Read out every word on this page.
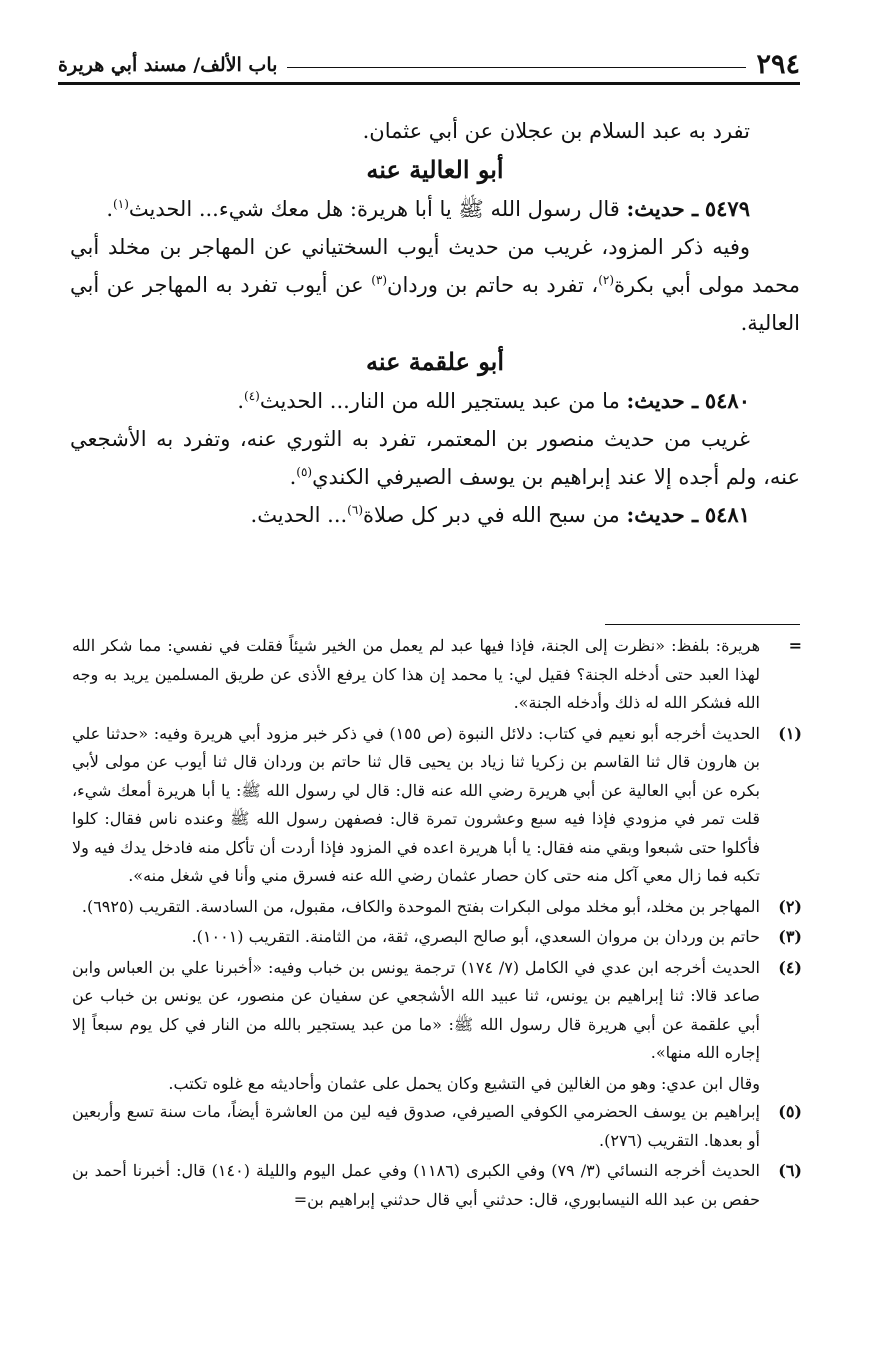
٢٩٤
باب الألف/ مسند أبي هريرة

تفرد به عبد السلام بن عجلان عن أبي عثمان.

أبو العالية عنه

٥٤٧٩ ـ حديث: قال رسول الله ﷺ يا أبا هريرة: هل معك شيء... الحديث$^{(١)}$.

وفيه ذكر المزود، غريب من حديث أيوب السختياني عن المهاجر بن مخلد أبي محمد مولى أبي بكرة$^{(٢)}$، تفرد به حاتم بن وردان$^{(٣)}$ عن أيوب تفرد به المهاجر عن أبي العالية.

أبو علقمة عنه

٥٤٨٠ ـ حديث: ما من عبد يستجير الله من النار... الحديث$^{(٤)}$.

غريب من حديث منصور بن المعتمر، تفرد به الثوري عنه، وتفرد به الأشجعي عنه، ولم أجده إلا عند إبراهيم بن يوسف الصيرفي الكندي$^{(٥)}$.

٥٤٨١ ـ حديث: من سبح الله في دبر كل صلاة$^{(٦)}$... الحديث.

=
هريرة: بلفظ: «نظرت إلى الجنة، فإذا فيها عبد لم يعمل من الخير شيئاً فقلت في نفسي: مما شكر الله لهذا العبد حتى أدخله الجنة؟ فقيل لي: يا محمد إن هذا كان يرفع الأذى عن طريق المسلمين يريد به وجه الله فشكر الله له ذلك وأدخله الجنة».
(١)
الحديث أخرجه أبو نعيم في كتاب: دلائل النبوة (ص ١٥٥) في ذكر خبر مزود أبي هريرة وفيه: «حدثنا علي بن هارون قال ثنا القاسم بن زكريا ثنا زياد بن يحيى قال ثنا حاتم بن وردان قال ثنا أيوب عن مولى لأبي بكره عن أبي العالية عن أبي هريرة رضي الله عنه قال: قال لي رسول الله ﷺ: يا أبا هريرة أمعك شيء، قلت تمر في مزودي فإذا فيه سبع وعشرون تمرة قال: فصفهن رسول الله ﷺ وعنده ناس فقال: كلوا فأكلوا حتى شبعوا وبقي منه فقال: يا أبا هريرة اعده في المزود فإذا أردت أن تأكل منه فادخل يدك فيه ولا تكبه فما زال معي آكل منه حتى كان حصار عثمان رضي الله عنه فسرق مني وأنا في شغل منه».
(٢)
المهاجر بن مخلد، أبو مخلد مولى البكرات بفتح الموحدة والكاف، مقبول، من السادسة. التقريب (٦٩٢٥).
(٣)
حاتم بن وردان بن مروان السعدي، أبو صالح البصري، ثقة، من الثامنة. التقريب (١٠٠١).
(٤)
الحديث أخرجه ابن عدي في الكامل (٧/ ١٧٤) ترجمة يونس بن خباب وفيه: «أخبرنا علي بن العباس وابن صاعد قالا: ثنا إبراهيم بن يونس، ثنا عبيد الله الأشجعي عن سفيان عن منصور، عن يونس بن خباب عن أبي علقمة عن أبي هريرة قال رسول الله ﷺ: «ما من عبد يستجير بالله من النار في كل يوم سبعاً إلا إجاره الله منها».
وقال ابن عدي: وهو من الغالين في التشيع وكان يحمل على عثمان وأحاديثه مع غلوه تكتب.
(٥)
إبراهيم بن يوسف الحضرمي الكوفي الصيرفي، صدوق فيه لين من العاشرة أيضاً، مات سنة تسع وأربعين أو بعدها. التقريب (٢٧٦).
(٦)
الحديث أخرجه النسائي (٣/ ٧٩) وفي الكبرى (١١٨٦) وفي عمل اليوم والليلة (١٤٠) قال: أخبرنا أحمد بن حفص بن عبد الله النيسابوري، قال: حدثني أبي قال حدثني إبراهيم بن=
